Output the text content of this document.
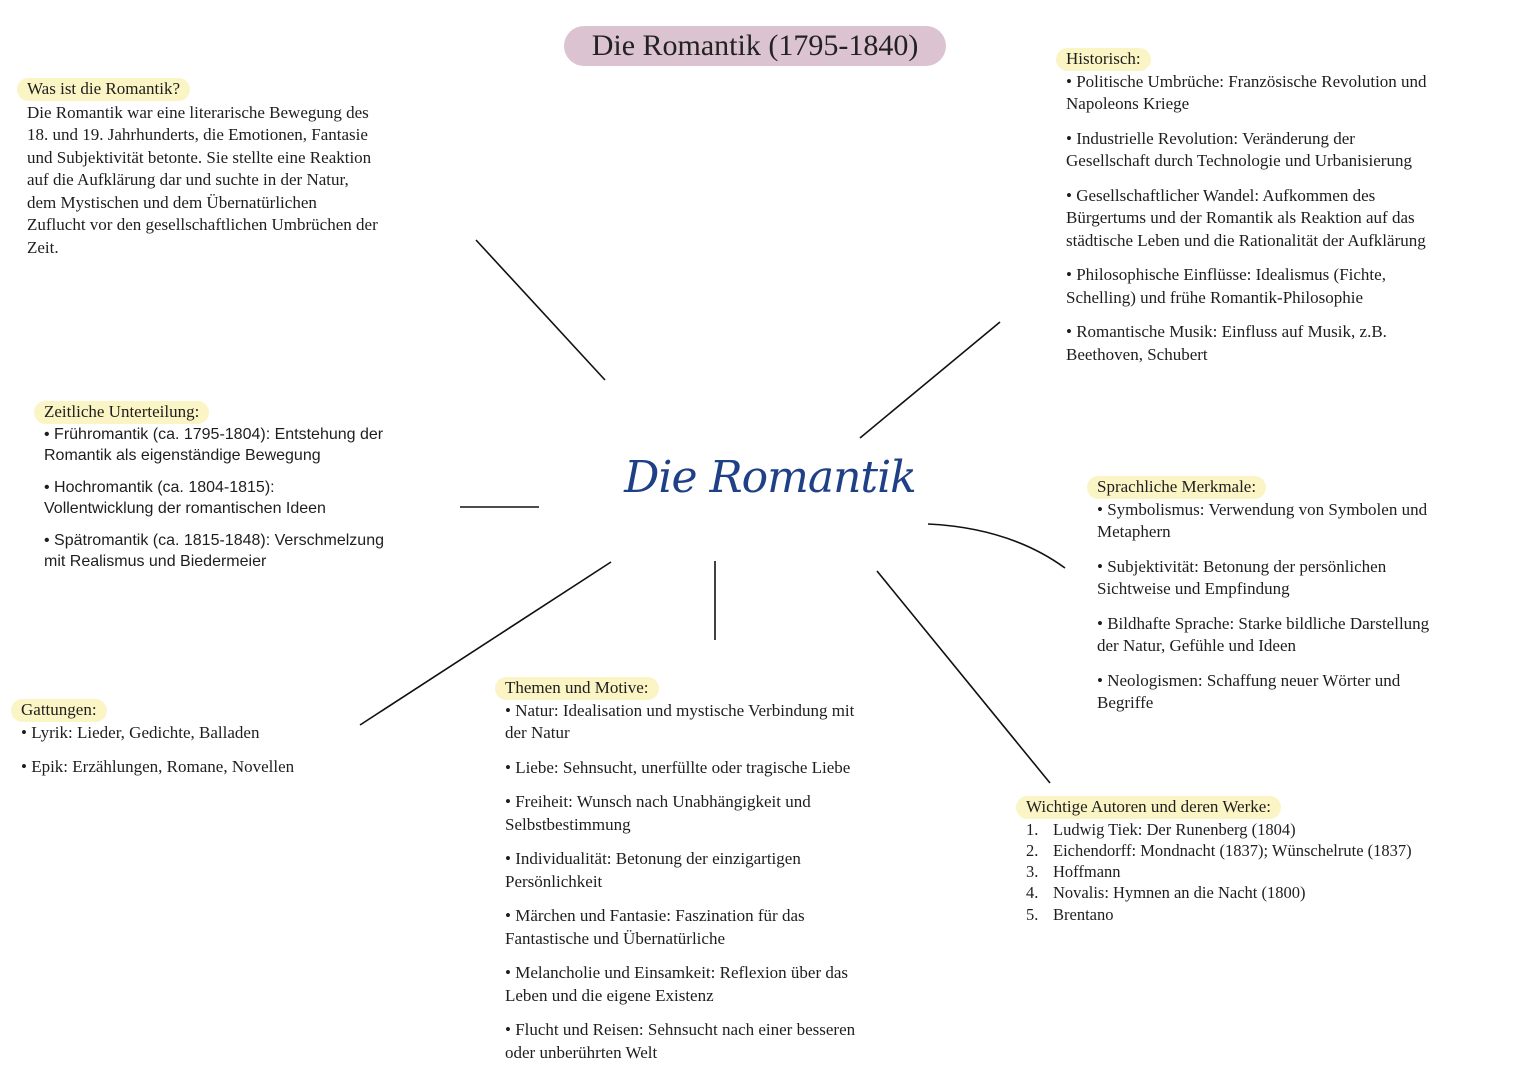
Die Romantik (1795-1840)
Die Romantik
Was ist die Romantik?
Die Romantik war eine literarische Bewegung des
18. und 19. Jahrhunderts, die Emotionen, Fantasie
und Subjektivität betonte. Sie stellte eine Reaktion
auf die Aufklärung dar und suchte in der Natur,
dem Mystischen und dem Übernatürlichen
Zuflucht vor den gesellschaftlichen Umbrüchen der
Zeit.
Historisch:

• Politische Umbrüche: Französische Revolution und
Napoleons Kriege

• Industrielle Revolution: Veränderung der
Gesellschaft durch Technologie und Urbanisierung

• Gesellschaftlicher Wandel: Aufkommen des
Bürgertums und der Romantik als Reaktion auf das
städtische Leben und die Rationalität der Aufklärung

• Philosophische Einflüsse: Idealismus (Fichte,
Schelling) und frühe Romantik-Philosophie

• Romantische Musik: Einfluss auf Musik, z.B.
Beethoven, Schubert

Zeitliche Unterteilung:

• Frühromantik (ca. 1795-1804): Entstehung der
Romantik als eigenständige Bewegung

• Hochromantik (ca. 1804-1815):
Vollentwicklung der romantischen Ideen

• Spätromantik (ca. 1815-1848): Verschmelzung
mit Realismus und Biedermeier

Sprachliche Merkmale:

• Symbolismus: Verwendung von Symbolen und
Metaphern

• Subjektivität: Betonung der persönlichen
Sichtweise und Empfindung

• Bildhafte Sprache: Starke bildliche Darstellung
der Natur, Gefühle und Ideen

• Neologismen: Schaffung neuer Wörter und
Begriffe

Gattungen:

• Lyrik: Lieder, Gedichte, Balladen

• Epik: Erzählungen, Romane, Novellen

Themen und Motive:

• Natur: Idealisation und mystische Verbindung mit
der Natur

• Liebe: Sehnsucht, unerfüllte oder tragische Liebe

• Freiheit: Wunsch nach Unabhängigkeit und
Selbstbestimmung

• Individualität: Betonung der einzigartigen
Persönlichkeit

• Märchen und Fantasie: Faszination für das
Fantastische und Übernatürliche

• Melancholie und Einsamkeit: Reflexion über das
Leben und die eigene Existenz

• Flucht und Reisen: Sehnsucht nach einer besseren
oder unberührten Welt

Wichtige Autoren und deren Werke:
1. Ludwig Tiek: Der Runenberg (1804)
2. Eichendorff: Mondnacht (1837); Wünschelrute (1837)
3. Hoffmann
4. Novalis: Hymnen an die Nacht (1800)
5. Brentano
